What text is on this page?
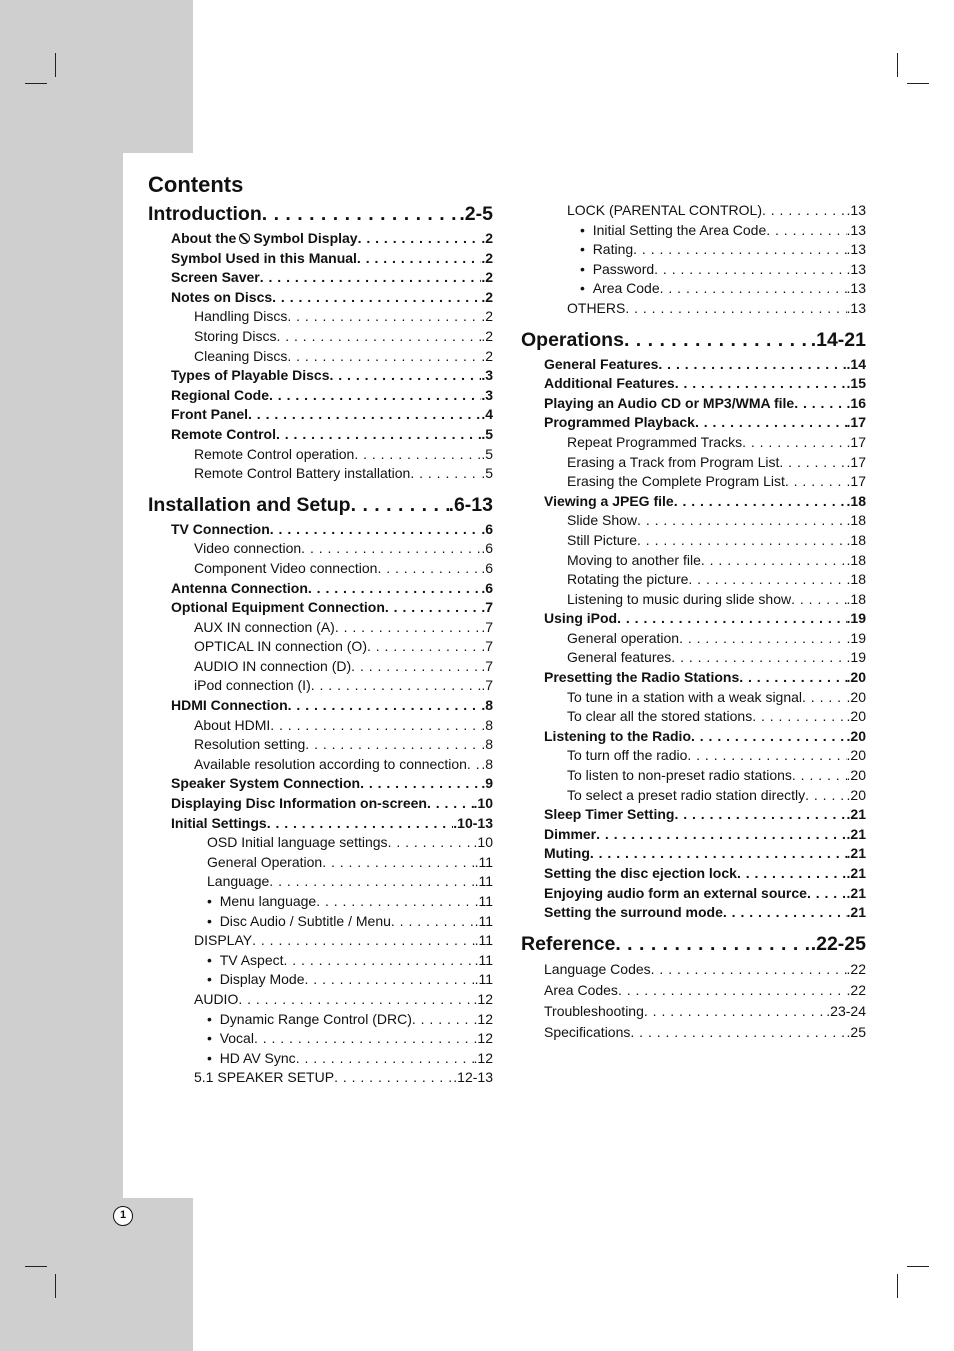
Contents
Introduction . . .	.2-5
About the Symbol Display . . .	.2
Symbol Used in this Manual . . .	.2
Screen Saver . . .	.2
Notes on Discs . . .	.2
Handling Discs . . .	.2
Storing Discs . . .	.2
Cleaning Discs . . .	.2
Types of Playable Discs . . .	.3
Regional Code . . .	.3
Front Panel . . .	.4
Remote Control . . .	.5
Remote Control operation . . .	.5
Remote Control Battery installation . . .	.5
Installation and Setup . . .	.6-13
TV Connection . . .	.6
Video connection . . .	.6
Component Video connection . . .	.6
Antenna Connection . . .	.6
Optional Equipment Connection . . .	.7
AUX IN connection (A) . . .	.7
OPTICAL IN connection (O) . . .	.7
AUDIO IN connection (D) . . .	.7
iPod connection (I) . . .	.7
HDMI Connection . . .	.8
About HDMI . . .	.8
Resolution setting . . .	.8
Available resolution according to connection . . . .8
Speaker System Connection . . .	.9
Displaying Disc Information on-screen . . .	.10
Initial Settings . . .	.10-13
OSD Initial language settings . . .	.10
General Operation . . .	.11
Language . . .	.11
•  Menu language . . .	.11
•  Disc Audio / Subtitle / Menu . . .	.11
DISPLAY . . .	.11
•  TV Aspect . . .	.11
•  Display Mode . . .	.11
AUDIO . . .	.12
•  Dynamic Range Control (DRC) . . .	.12
•  Vocal . . .	.12
•  HD AV Sync . . .	.12
5.1 SPEAKER SETUP . . .	.12-13
LOCK (PARENTAL CONTROL) . . .	.13
•  Initial Setting the Area Code . . .	.13
•  Rating . . .	.13
•  Password . . .	.13
•  Area Code . . .	.13
OTHERS . . .	.13
Operations . . .	.14-21
General Features . . .	.14
Additional Features . . .	.15
Playing an Audio CD or MP3/WMA file . . .	.16
Programmed Playback . . .	.17
Repeat Programmed Tracks . . .	.17
Erasing a Track from Program List . . .	.17
Erasing the Complete Program List . . .	.17
Viewing a JPEG file . . .	.18
Slide Show . . .	.18
Still Picture . . .	.18
Moving to another file . . .	.18
Rotating the picture . . .	.18
Listening to music during slide show . . .	.18
Using iPod . . .	.19
General operation . . .	.19
General features . . .	.19
Presetting the Radio Stations . . .	.20
To tune in a station with a weak signal . . .	.20
To clear all the stored stations . . .	.20
Listening to the Radio . . .	.20
To turn off the radio . . .	.20
To listen to non-preset radio stations . . .	.20
To select a preset radio station directly . . .	.20
Sleep Timer Setting . . .	.21
Dimmer . . .	.21
Muting . . .	.21
Setting the disc ejection lock . . .	.21
Enjoying audio form an external source . . .	.21
Setting the surround mode . . .	.21
Reference . . .	.22-25
Language Codes . . .	.22
Area Codes . . .	.22
Troubleshooting . . .	.23-24
Specifications . . .	.25
1
